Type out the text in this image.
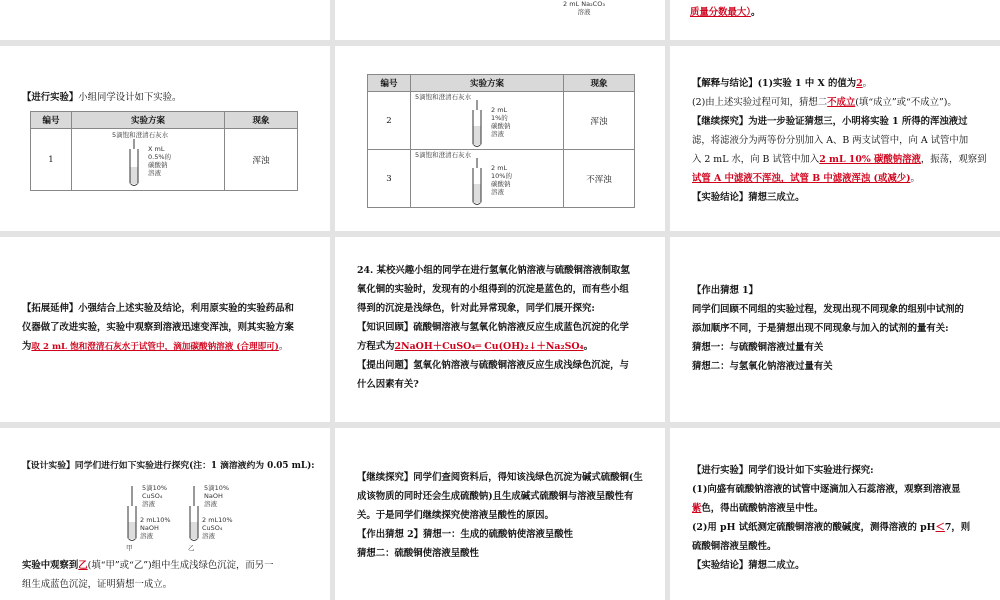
2 mL Na₂CO₃
溶液	质量分数最大）。
【进行实验】小组同学设计如下实验。
编号	实验方案	现象
1	5滴饱和澄清石灰水
X mL
0.5%的
碳酸钠
溶液	浑浊
编号	实验方案	现象
2	5滴饱和澄清石灰水
2 mL
1%的
碳酸钠
溶液	浑浊
3	5滴饱和澄清石灰水
2 mL
10%的
碳酸钠
溶液	不浑浊
【解释与结论】(1)实验 1 中 X 的值为2。
(2)由上述实验过程可知，猜想二不成立(填“成立”或“不成立”)。
【继续探究】为进一步验证猜想三，小明将实验 1 所得的浑浊液过
滤，将滤液分为两等份分别加入 A、B 两支试管中，向 A 试管中加
入 2 mL 水，向 B 试管中加入2 mL 10% 碳酸钠溶液，振荡，观察到
试管 A 中滤液不浑浊，试管 B 中滤液浑浊 (或减少)。
【实验结论】猜想三成立。
【拓展延伸】小强结合上述实验及结论，利用原实验的实验药品和
仪器做了改进实验，实验中观察到溶液迅速变浑浊，则其实验方案
为取 2 mL 饱和澄清石灰水于试管中，滴加碳酸钠溶液 (合理即可)。
24. 某校兴趣小组的同学在进行氢氧化钠溶液与硫酸铜溶液制取氢
氧化铜的实验时，发现有的小组得到的沉淀是蓝色的，而有些小组
得到的沉淀是浅绿色，针对此异常现象，同学们展开探究:
【知识回顾】硫酸铜溶液与氢氧化钠溶液反应生成蓝色沉淀的化学
方程式为2NaOH＋CuSO₄═ Cu(OH)₂↓＋Na₂SO₄。
【提出问题】氢氧化钠溶液与硫酸铜溶液反应生成浅绿色沉淀，与
什么因素有关?
【作出猜想 1】
同学们回顾不同组的实验过程，发现出现不同现象的组别中试剂的
添加顺序不同，于是猜想出现不同现象与加入的试剂的量有关:
猜想一：与硫酸铜溶液过量有关
猜想二：与氢氧化钠溶液过量有关
【设计实验】同学们进行如下实验进行探究(注：1 滴溶液约为 0.05 mL):
5滴10%
CuSO₄
溶液
2 mL10%
NaOH
溶液
甲
5滴10%
NaOH
溶液
2 mL10%
CuSO₄
溶液
乙
实验中观察到乙(填“甲”或“乙”)组中生成浅绿色沉淀，而另一
组生成蓝色沉淀，证明猜想一成立。
【继续探究】同学们查阅资料后，得知该浅绿色沉淀为碱式硫酸铜(生
成该物质的同时还会生成硫酸钠)且生成碱式硫酸铜与溶液呈酸性有
关。于是同学们继续探究使溶液呈酸性的原因。
【作出猜想 2】猜想一：生成的硫酸钠使溶液呈酸性
猜想二：硫酸铜使溶液呈酸性
【进行实验】同学们设计如下实验进行探究:
(1)向盛有硫酸钠溶液的试管中逐滴加入石蕊溶液，观察到溶液显
紫色，得出硫酸钠溶液呈中性。
(2)用 pH 试纸测定硫酸铜溶液的酸碱度，测得溶液的 pH＜7，则
硫酸铜溶液呈酸性。
【实验结论】猜想二成立。
